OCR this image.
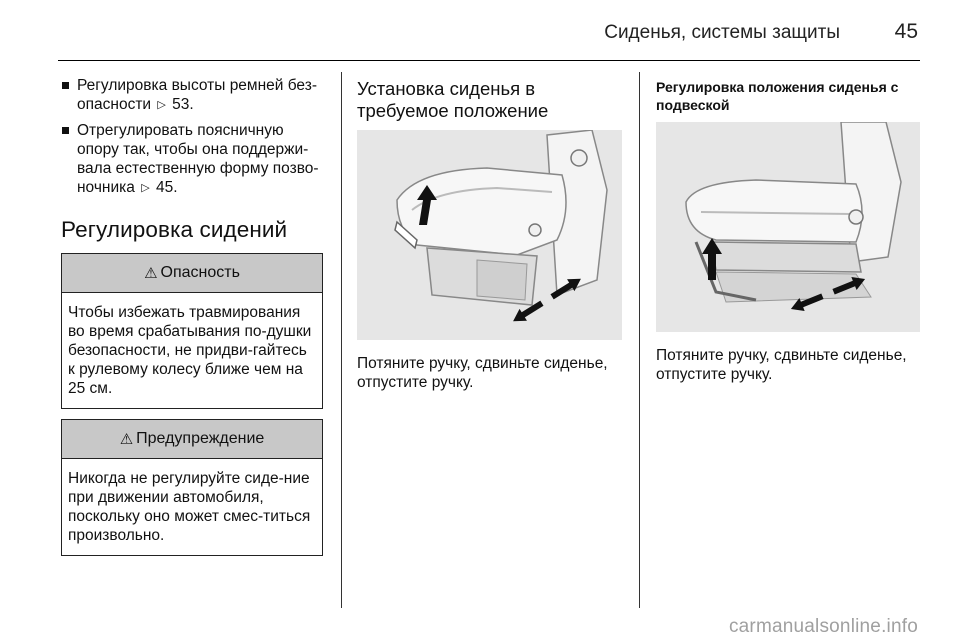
Сиденья, системы защиты	45
Регулировка высоты ремней без-опасности ▷ 53.
Отрегулировать поясничную опору так, чтобы она поддержи-вала естественную форму позво-ночника ▷ 45.
Регулировка сидений
⚠ Опасность
Чтобы избежать травмирования во время срабатывания по-душки безопасности, не придви-гайтесь к рулевому колесу ближе чем на 25 см.
⚠ Предупреждение
Никогда не регулируйте сиде-ние при движении автомобиля, поскольку оно может смес-титься произвольно.
Установка сиденья в требуемое положение
Потяните ручку, сдвиньте сиденье, отпустите ручку.
Регулировка положения сиденья с подвеской
Потяните ручку, сдвиньте сиденье, отпустите ручку.
carmanualsonline.info
